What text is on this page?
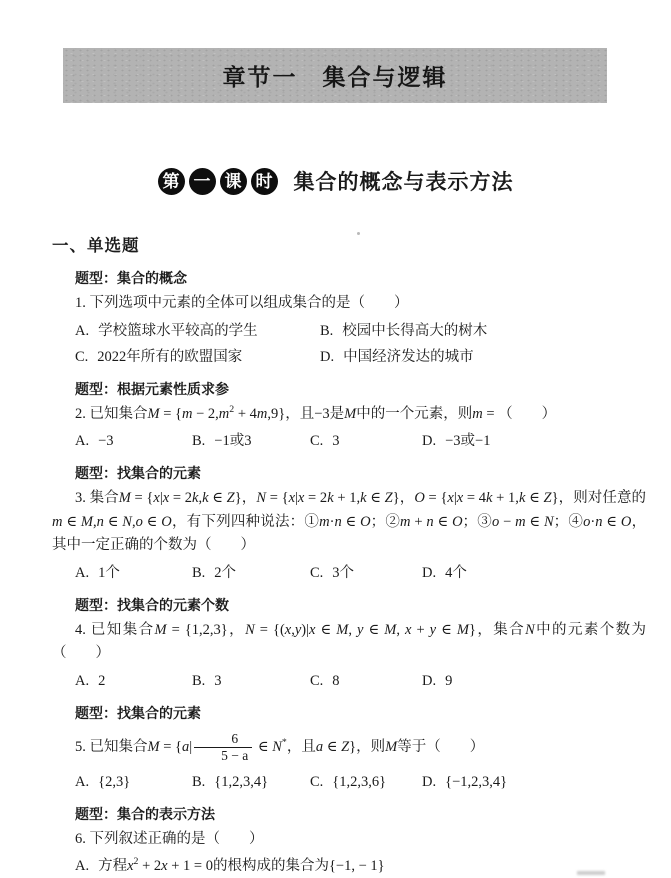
章节一　集合与逻辑
第 一 课 时 集合的概念与表示方法
一、单选题
题型：集合的概念

1. 下列选项中元素的全体可以组成集合的是（　　）

A. 学校篮球水平较高的学生	B. 校园中长得高大的树木
C. 2022年所有的欧盟国家	D. 中国经济发达的城市
题型：根据元素性质求参

2. 已知集合$M = \{m - 2,m^2 + 4m,9\}$，且−3是M中的一个元素，则m = （　　）

A. −3	B. −1或3	C. 3	D. −3或−1
题型：找集合的元素

3. 集合M = {x|x = 2k,k ∈ Z}，N = {x|x = 2k + 1,k ∈ Z}，O = {x|x = 4k + 1,k ∈ Z}，则对任意的m ∈ M,n ∈ N,o ∈ O，有下列四种说法：①m·n ∈ O；②m + n ∈ O；③o − m ∈ N；④o·n ∈ O，其中一定正确的个数为（　　）

A. 1个	B. 2个	C. 3个	D. 4个
题型：找集合的元素个数

4. 已知集合M = {1,2,3}，N = {(x,y)|x ∈ M, y ∈ M, x + y ∈ M}，集合N中的元素个数为（　　）

A. 2	B. 3	C. 8	D. 9
题型：找集合的元素

5. 已知集合$M = \{a| \frac{6}{5 - a}$ ∈ N*，且a ∈ Z}，则M等于（　　）

A. {2,3}	B. {1,2,3,4}	C. {1,2,3,6}	D. {−1,2,3,4}
题型：集合的表示方法

6. 下列叙述正确的是（　　）

A. 方程$x^2 + 2x + 1 = 0$的根构成的集合为{−1, − 1}
